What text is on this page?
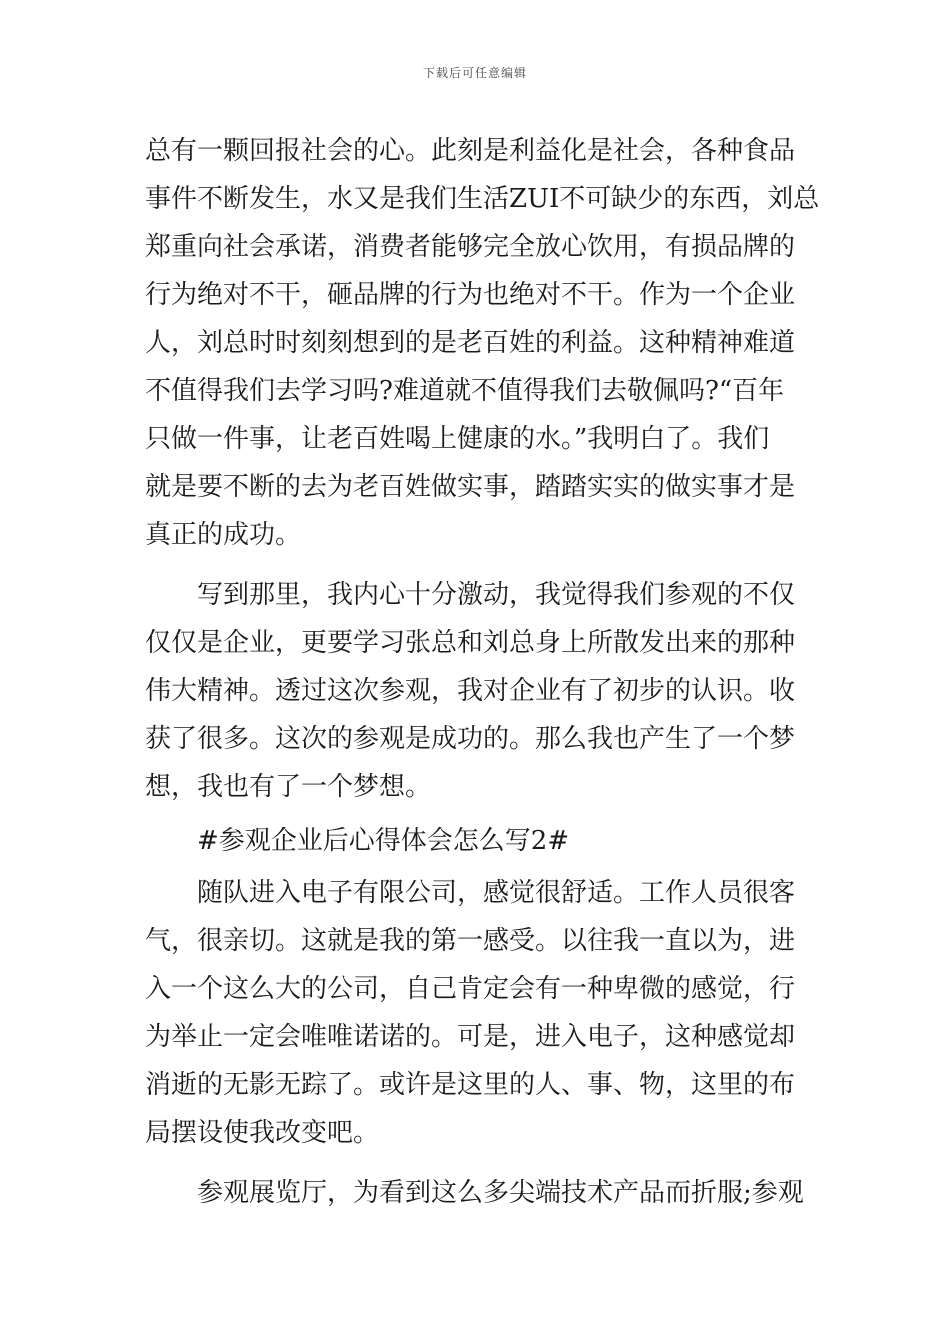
下载后可任意编辑
总有一颗回报社会的心。此刻是利益化是社会，各种食品
事件不断发生，水又是我们生活ZUI不可缺少的东西，刘总
郑重向社会承诺，消费者能够完全放心饮用，有损品牌的
行为绝对不干，砸品牌的行为也绝对不干。作为一个企业
人，刘总时时刻刻想到的是老百姓的利益。这种精神难道
不值得我们去学习吗?难道就不值得我们去敬佩吗?“百年
只做一件事，让老百姓喝上健康的水。”我明白了。我们
就是要不断的去为老百姓做实事，踏踏实实的做实事才是
真正的成功。
写到那里，我内心十分激动，我觉得我们参观的不仅
仅仅是企业，更要学习张总和刘总身上所散发出来的那种
伟大精神。透过这次参观，我对企业有了初步的认识。收
获了很多。这次的参观是成功的。那么我也产生了一个梦
想，我也有了一个梦想。
#参观企业后心得体会怎么写2#
随队进入电子有限公司，感觉很舒适。工作人员很客
气，很亲切。这就是我的第一感受。以往我一直以为，进
入一个这么大的公司，自己肯定会有一种卑微的感觉，行
为举止一定会唯唯诺诺的。可是，进入电子，这种感觉却
消逝的无影无踪了。或许是这里的人、事、物，这里的布
局摆设使我改变吧。
参观展览厅，为看到这么多尖端技术产品而折服;参观
